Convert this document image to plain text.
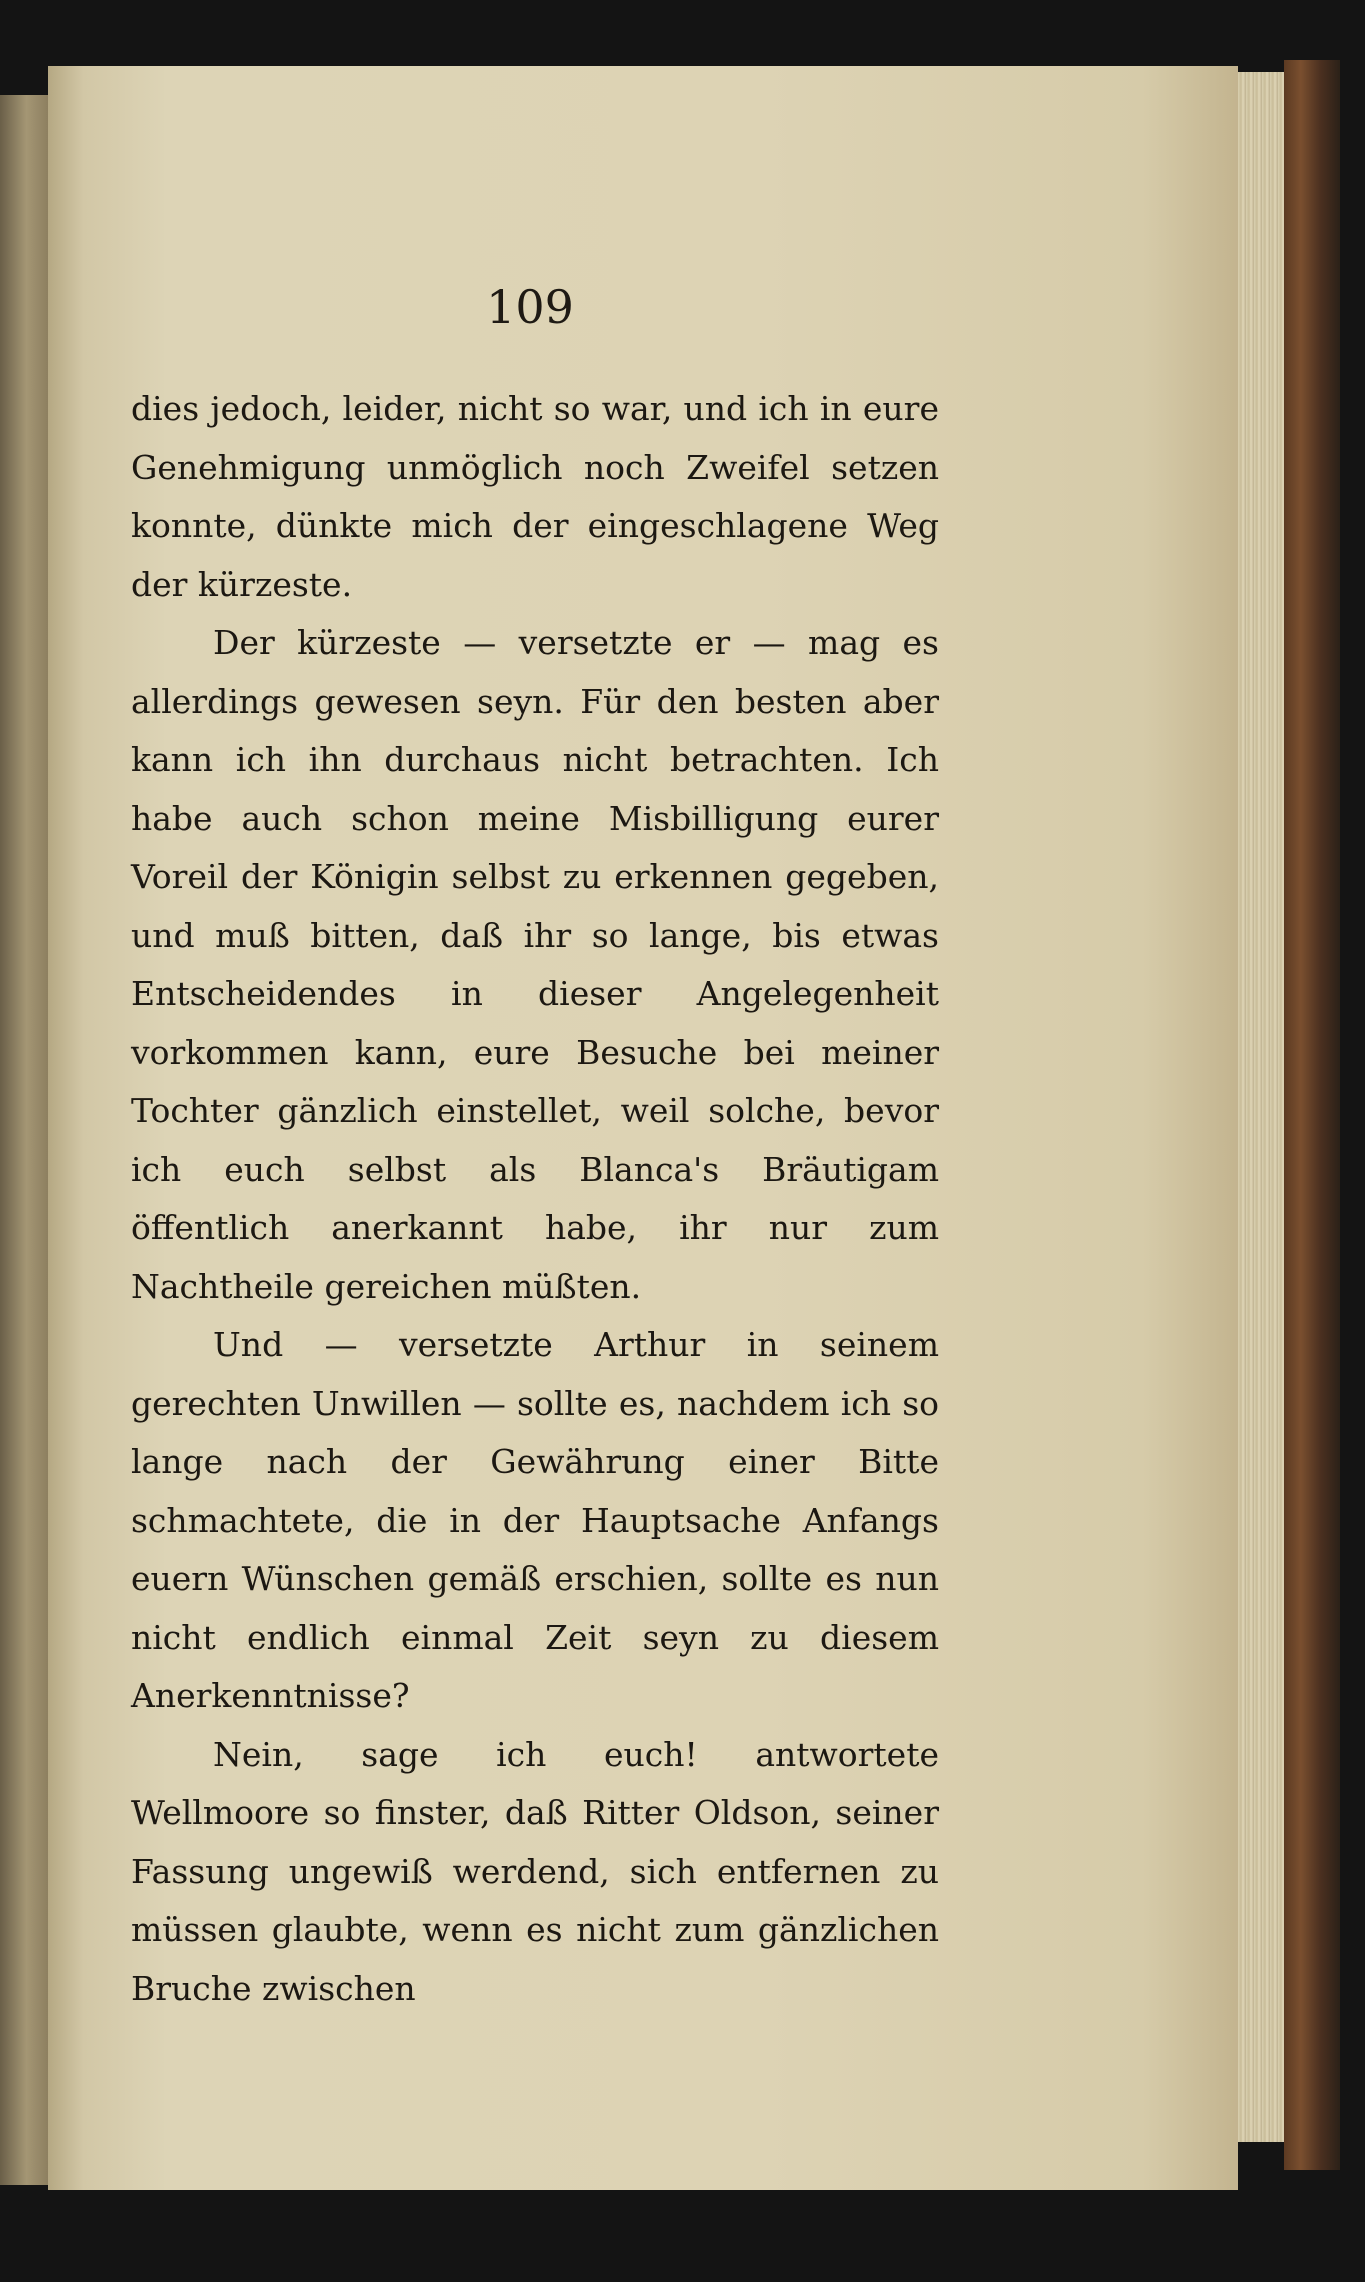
109

dies jedoch, leider, nicht so war, und ich in eure Genehmigung unmöglich noch Zweifel setzen konnte, dünkte mich der eingeschlagene Weg der kürzeste.

Der kürzeste — versetzte er — mag es allerdings gewesen seyn. Für den besten aber kann ich ihn durchaus nicht betrachten. Ich habe auch schon meine Misbilligung eurer Voreil der Königin selbst zu erkennen gegeben, und muß bitten, daß ihr so lange, bis etwas Entscheidendes in dieser Angelegenheit vorkommen kann, eure Besuche bei meiner Tochter gänzlich einstellet, weil solche, bevor ich euch selbst als Blanca's Bräutigam öffentlich anerkannt habe, ihr nur zum Nachtheile gereichen müßten.

Und — versetzte Arthur in seinem gerechten Unwillen — sollte es, nachdem ich so lange nach der Gewährung einer Bitte schmachtete, die in der Hauptsache Anfangs euern Wünschen gemäß erschien, sollte es nun nicht endlich einmal Zeit seyn zu diesem Anerkenntnisse?

Nein, sage ich euch! antwortete Wellmoore so finster, daß Ritter Oldson, seiner Fassung ungewiß werdend, sich entfernen zu müssen glaubte, wenn es nicht zum gänzlichen Bruche zwischen
